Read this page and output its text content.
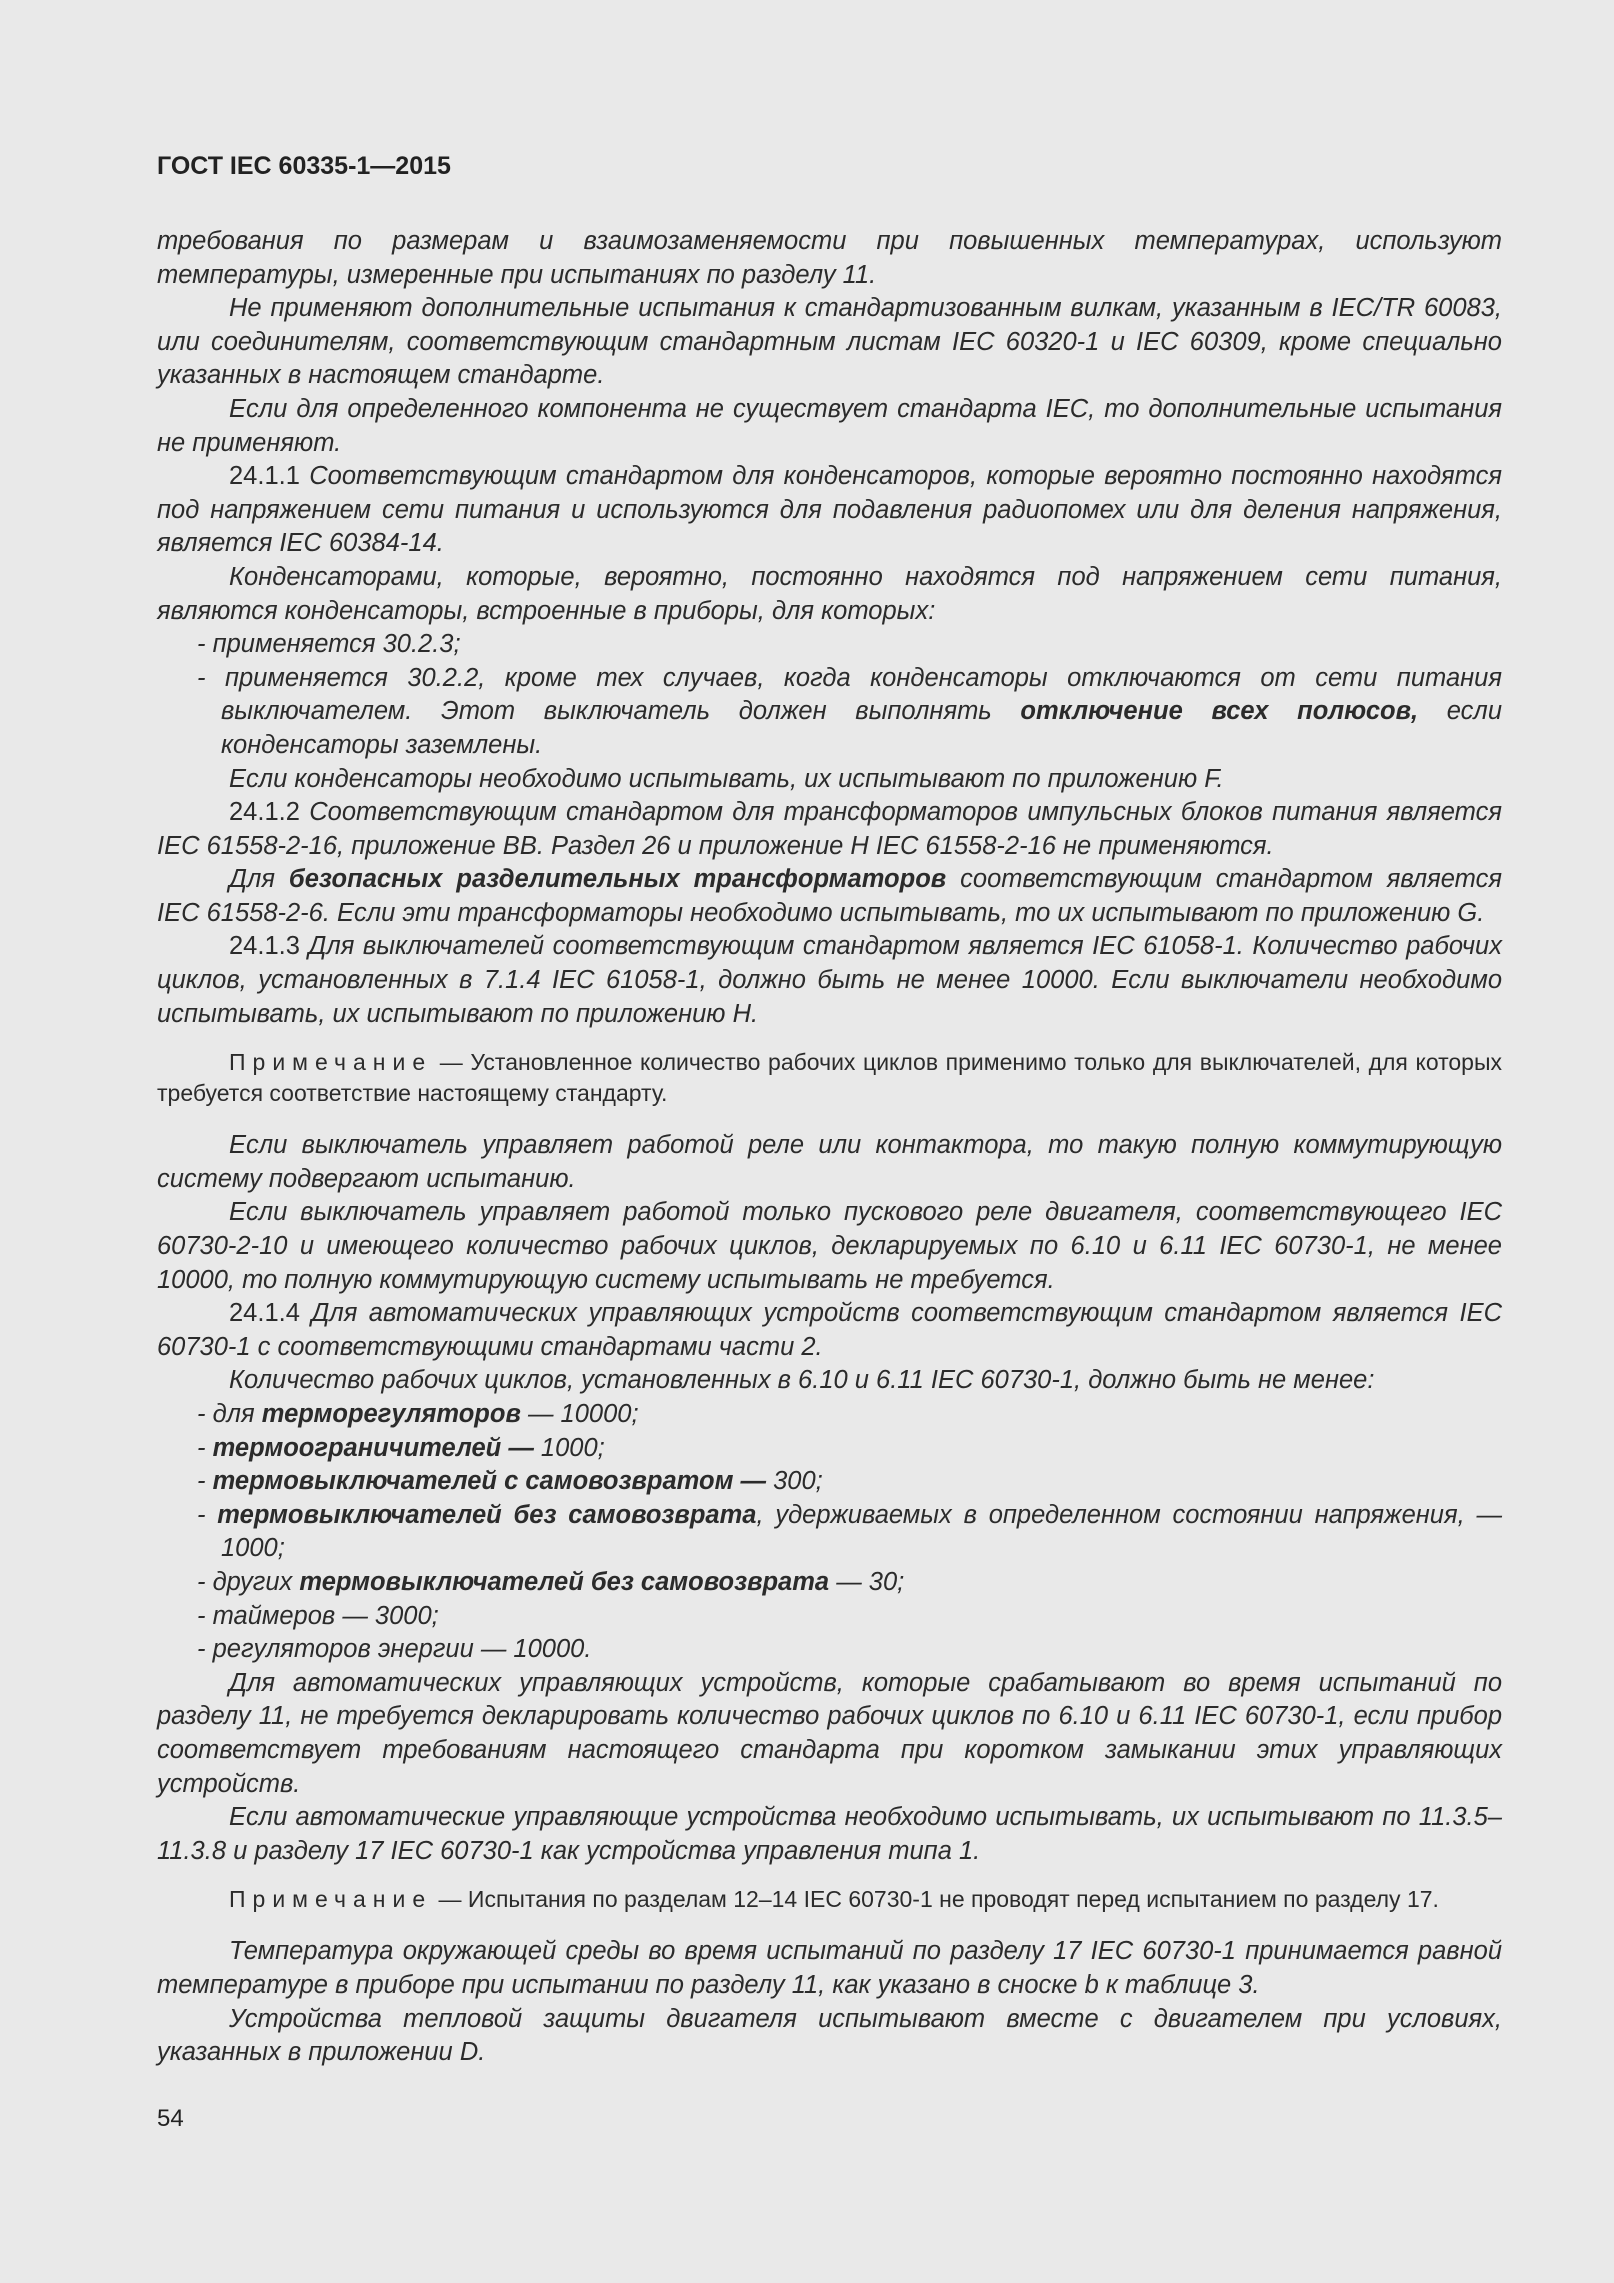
ГОСТ IEC 60335-1—2015

требования по размерам и взаимозаменяемости при повышенных температурах, используют температуры, измеренные при испытаниях по разделу 11.

Не применяют дополнительные испытания к стандартизованным вилкам, указанным в IEC/TR 60083, или соединителям, соответствующим стандартным листам IEC 60320-1 и IEC 60309, кроме специально указанных в настоящем стандарте.

Если для определенного компонента не существует стандарта IEC, то дополнительные испытания не применяют.

24.1.1 Соответствующим стандартом для конденсаторов, которые вероятно постоянно находятся под напряжением сети питания и используются для подавления радиопомех или для деления напряжения, является IEC 60384-14.

Конденсаторами, которые, вероятно, постоянно находятся под напряжением сети питания, являются конденсаторы, встроенные в приборы, для которых:

- применяется 30.2.3;

- применяется 30.2.2, кроме тех случаев, когда конденсаторы отключаются от сети питания выключателем. Этот выключатель должен выполнять отключение всех полюсов, если конденсаторы заземлены.

Если конденсаторы необходимо испытывать, их испытывают по приложению F.

24.1.2 Соответствующим стандартом для трансформаторов импульсных блоков питания является IEC 61558-2-16, приложение BB. Раздел 26 и приложение H IEC 61558-2-16 не применяются.

Для безопасных разделительных трансформаторов соответствующим стандартом является IEC 61558-2-6. Если эти трансформаторы необходимо испытывать, то их испытывают по приложению G.

24.1.3 Для выключателей соответствующим стандартом является IEC 61058-1. Количество рабочих циклов, установленных в 7.1.4 IEC 61058-1, должно быть не менее 10000. Если выключатели необходимо испытывать, их испытывают по приложению H.

Примечание — Установленное количество рабочих циклов применимо только для выключателей, для которых требуется соответствие настоящему стандарту.

Если выключатель управляет работой реле или контактора, то такую полную коммутирующую систему подвергают испытанию.

Если выключатель управляет работой только пускового реле двигателя, соответствующего IEC 60730-2-10 и имеющего количество рабочих циклов, декларируемых по 6.10 и 6.11 IEC 60730-1, не менее 10000, то полную коммутирующую систему испытывать не требуется.

24.1.4 Для автоматических управляющих устройств соответствующим стандартом является IEC 60730-1 с соответствующими стандартами части 2.

Количество рабочих циклов, установленных в 6.10 и 6.11 IEC 60730-1, должно быть не менее:

- для терморегуляторов — 10000;

- термоограничителей — 1000;

- термовыключателей с самовозвратом — 300;

- термовыключателей без самовозврата, удерживаемых в определенном состоянии напряжения, — 1000;

- других термовыключателей без самовозврата — 30;

- таймеров — 3000;

- регуляторов энергии — 10000.

Для автоматических управляющих устройств, которые срабатывают во время испытаний по разделу 11, не требуется декларировать количество рабочих циклов по 6.10 и 6.11 IEC 60730-1, если прибор соответствует требованиям настоящего стандарта при коротком замыкании этих управляющих устройств.

Если автоматические управляющие устройства необходимо испытывать, их испытывают по 11.3.5–11.3.8 и разделу 17 IEC 60730-1 как устройства управления типа 1.

Примечание — Испытания по разделам 12–14 IEC 60730-1 не проводят перед испытанием по разделу 17.

Температура окружающей среды во время испытаний по разделу 17 IEC 60730-1 принимается равной температуре в приборе при испытании по разделу 11, как указано в сноске b к таблице 3.

Устройства тепловой защиты двигателя испытывают вместе с двигателем при условиях, указанных в приложении D.

54
